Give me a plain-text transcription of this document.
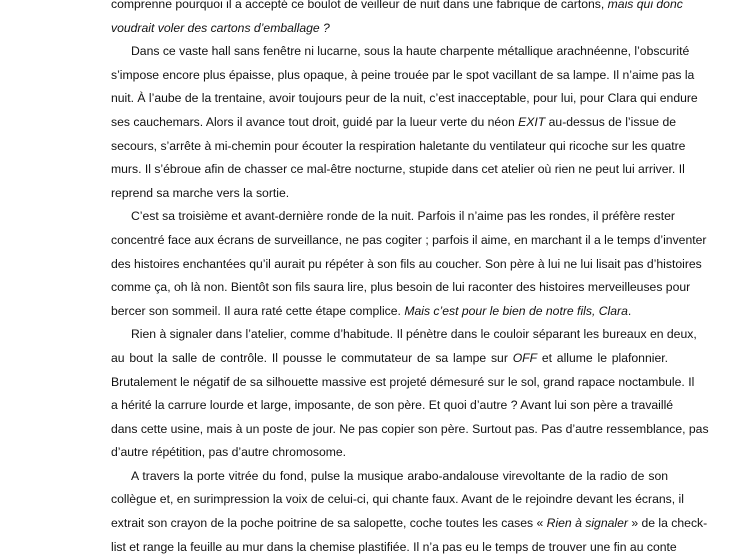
comprenne pourquoi il a accepté ce boulot de veilleur de nuit dans une fabrique de cartons, mais qui donc
voudrait voler des cartons d’emballage ?
Dans ce vaste hall sans fenêtre ni lucarne, sous la haute charpente métallique arachnéenne, l’obscurité
s’impose encore plus épaisse, plus opaque, à peine trouée par le spot vacillant de sa lampe. Il n’aime pas la
nuit. À l’aube de la trentaine, avoir toujours peur de la nuit, c’est inacceptable, pour lui, pour Clara qui endure
ses cauchemars. Alors il avance tout droit, guidé par la lueur verte du néon EXIT au-dessus de l’issue de
secours, s’arrête à mi-chemin pour écouter la respiration haletante du ventilateur qui ricoche sur les quatre
murs. Il s’ébroue afin de chasser ce mal-être nocturne, stupide dans cet atelier où rien ne peut lui arriver. Il
reprend sa marche vers la sortie.
C’est sa troisième et avant-dernière ronde de la nuit. Parfois il n’aime pas les rondes, il préfère rester
concentré face aux écrans de surveillance, ne pas cogiter ; parfois il aime, en marchant il a le temps d’inventer
des histoires enchantées qu’il aurait pu répéter à son fils au coucher. Son père à lui ne lui lisait pas d’histoires
comme ça, oh là non. Bientôt son fils saura lire, plus besoin de lui raconter des histoires merveilleuses pour
bercer son sommeil. Il aura raté cette étape complice. Mais c’est pour le bien de notre fils, Clara.
Rien à signaler dans l’atelier, comme d’habitude. Il pénètre dans le couloir séparant les bureaux en deux,
au bout la salle de contrôle. Il pousse le commutateur de sa lampe sur OFF et allume le plafonnier.
Brutalement le négatif de sa silhouette massive est projeté démesuré sur le sol, grand rapace noctambule. Il
a hérité la carrure lourde et large, imposante, de son père. Et quoi d’autre ? Avant lui son père a travaillé
dans cette usine, mais à un poste de jour. Ne pas copier son père. Surtout pas. Pas d’autre ressemblance, pas
d’autre répétition, pas d’autre chromosome.
A travers la porte vitrée du fond, pulse la musique arabo-andalouse virevoltante de la radio de son
collègue et, en surimpression la voix de celui-ci, qui chante faux. Avant de le rejoindre devant les écrans, il
extrait son crayon de la poche poitrine de sa salopette, coche toutes les cases « Rien à signaler » de la check-
list et range la feuille au mur dans la chemise plastifiée. Il n’a pas eu le temps de trouver une fin au conte
